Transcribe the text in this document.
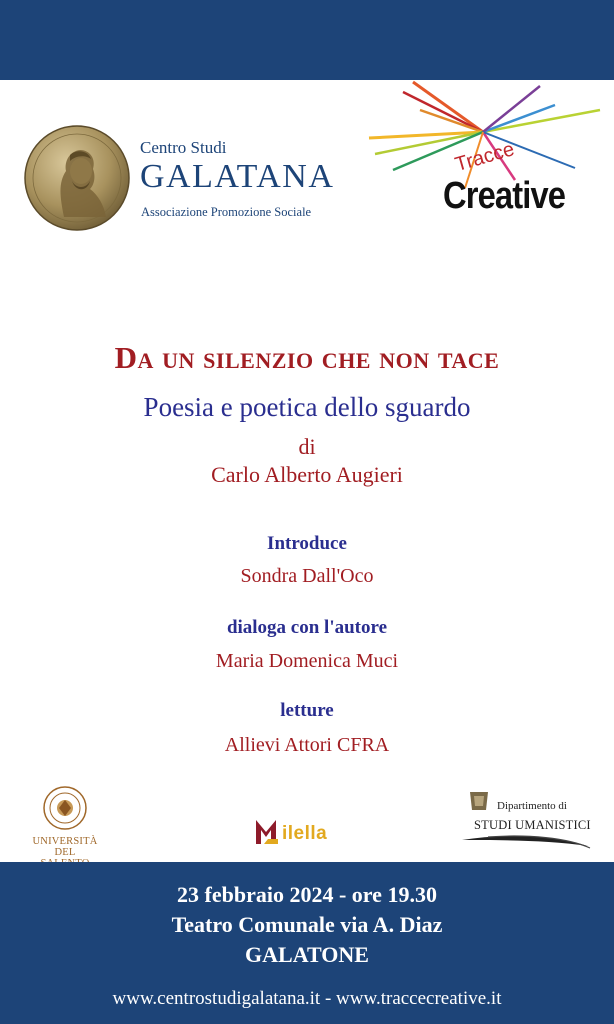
Centro Studi
GALATANA
Associazione Promozione Sociale
Tracce
Creative
Da un silenzio che non tace
Poesia e poetica dello sguardo
di
Carlo Alberto Augieri
Introduce
Sondra Dall'Oco
dialoga con l'autore
Maria Domenica Muci
letture
Allievi Attori CFRA
UNIVERSITÀ
DEL
ilella
Dipartimento di
STUDI UMANISTICI
23 febbraio 2024 - ore 19.30
Teatro Comunale via A. Diaz
GALATONE
www.centrostudigalatana.it - www.traccecreative.it
